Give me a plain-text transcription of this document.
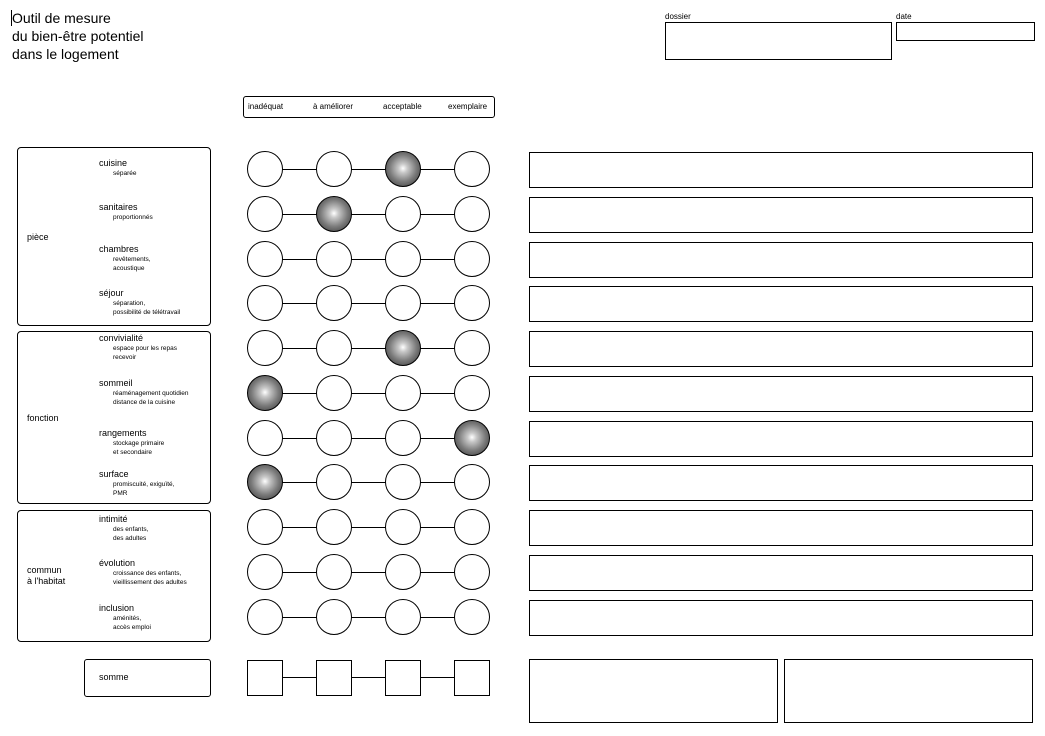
Outil de mesure
du bien-être potentiel
dans le logement
dossier	date
inadéquat	à améliorer	acceptable	exemplaire
pièce
fonction
commun
à l'habitat
cuisine
séparée
sanitaires
proportionnés
chambres
revêtements,
acoustique
séjour
séparation,
possibilité de télétravail
convivialité
espace pour les repas
recevoir
sommeil
réaménagement quotidien
distance de la cuisine
rangements
stockage primaire
et secondaire
surface
promiscuité, exiguïté,
PMR
intimité
des enfants,
des adultes
évolution
croissance des enfants,
vieillissement des adultes
inclusion
aménités,
accès emploi
somme
